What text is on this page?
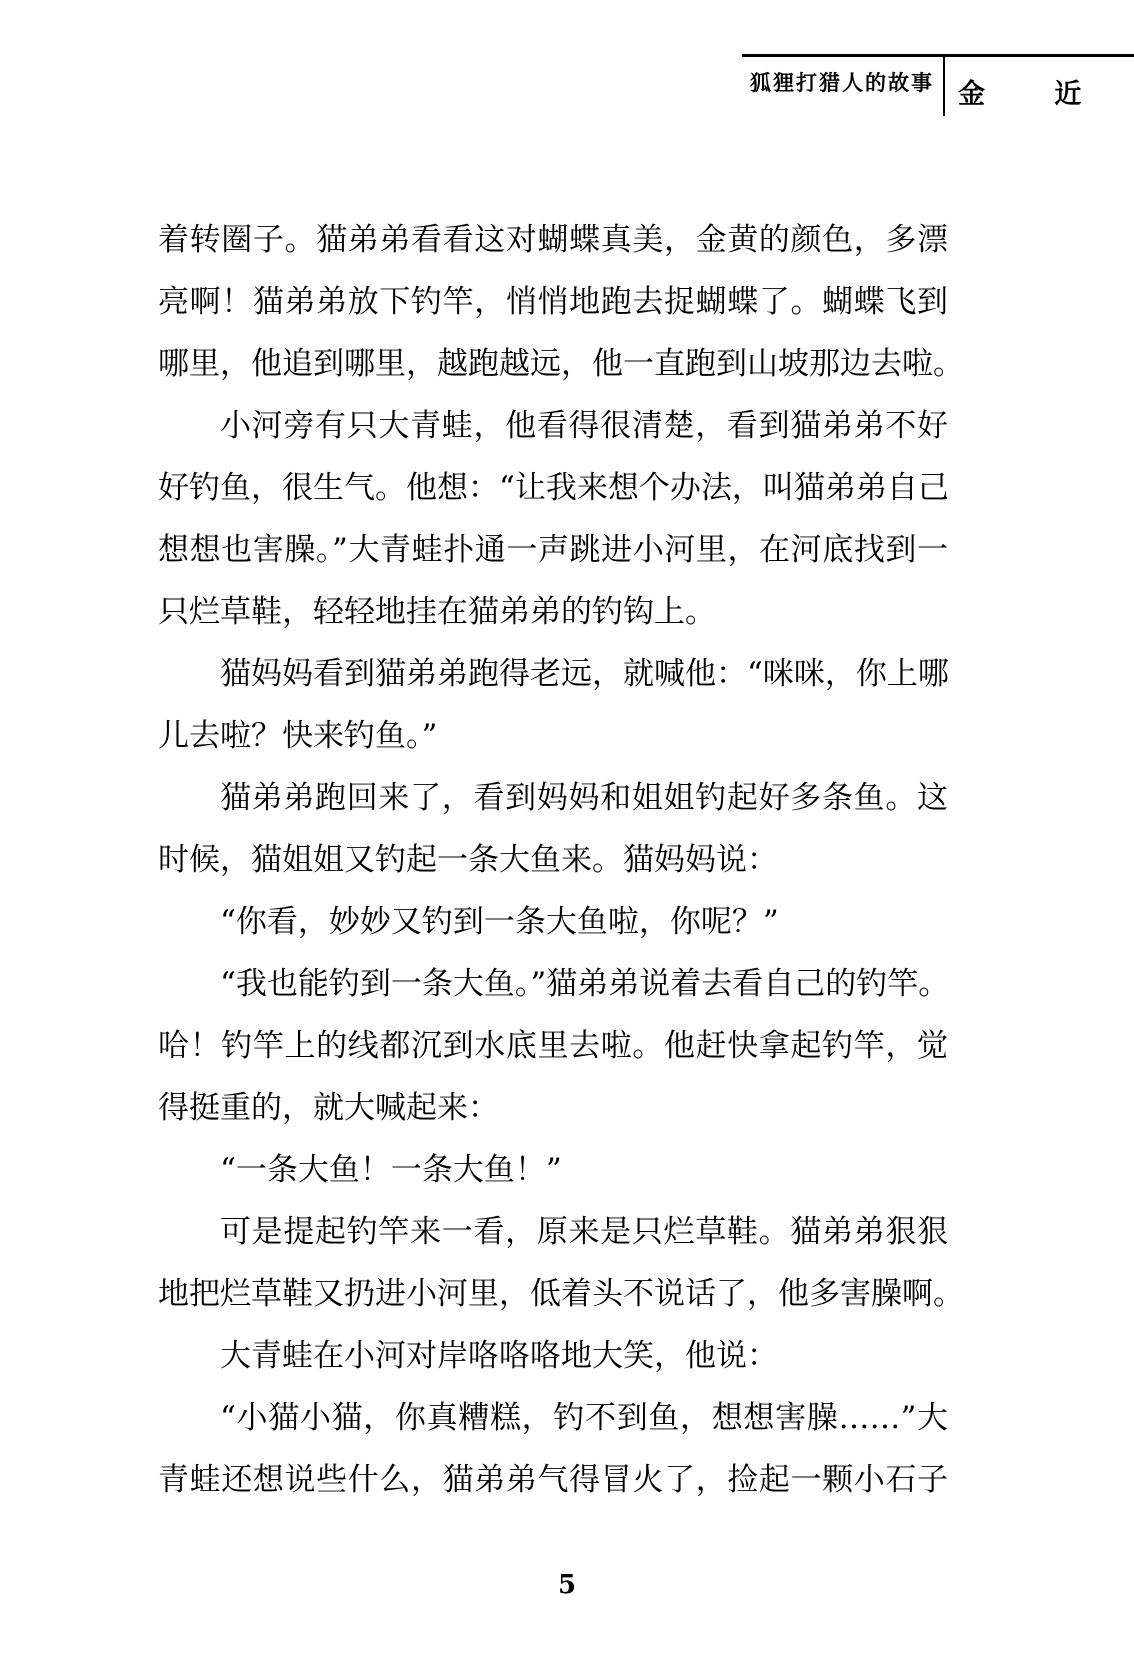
狐狸打猎人的故事 金 近
着转圈子。猫弟弟看看这对蝴蝶真美，金黄的颜色，多漂
亮啊！猫弟弟放下钓竿，悄悄地跑去捉蝴蝶了。蝴蝶飞到
哪里，他追到哪里，越跑越远，他一直跑到山坡那边去啦。
小河旁有只大青蛙，他看得很清楚，看到猫弟弟不好
好钓鱼，很生气。他想：“让我来想个办法，叫猫弟弟自己
想想也害臊。”大青蛙扑通一声跳进小河里，在河底找到一
只烂草鞋，轻轻地挂在猫弟弟的钓钩上。
猫妈妈看到猫弟弟跑得老远，就喊他：“咪咪，你上哪
儿去啦？快来钓鱼。”
猫弟弟跑回来了，看到妈妈和姐姐钓起好多条鱼。这
时候，猫姐姐又钓起一条大鱼来。猫妈妈说：
“你看，妙妙又钓到一条大鱼啦，你呢？”
“我也能钓到一条大鱼。”猫弟弟说着去看自己的钓竿。
哈！钓竿上的线都沉到水底里去啦。他赶快拿起钓竿，觉
得挺重的，就大喊起来：
“一条大鱼！一条大鱼！”
可是提起钓竿来一看，原来是只烂草鞋。猫弟弟狠狠
地把烂草鞋又扔进小河里，低着头不说话了，他多害臊啊。
大青蛙在小河对岸咯咯咯地大笑，他说：
“小猫小猫，你真糟糕，钓不到鱼，想想害臊……”大
青蛙还想说些什么，猫弟弟气得冒火了，捡起一颗小石子
5
